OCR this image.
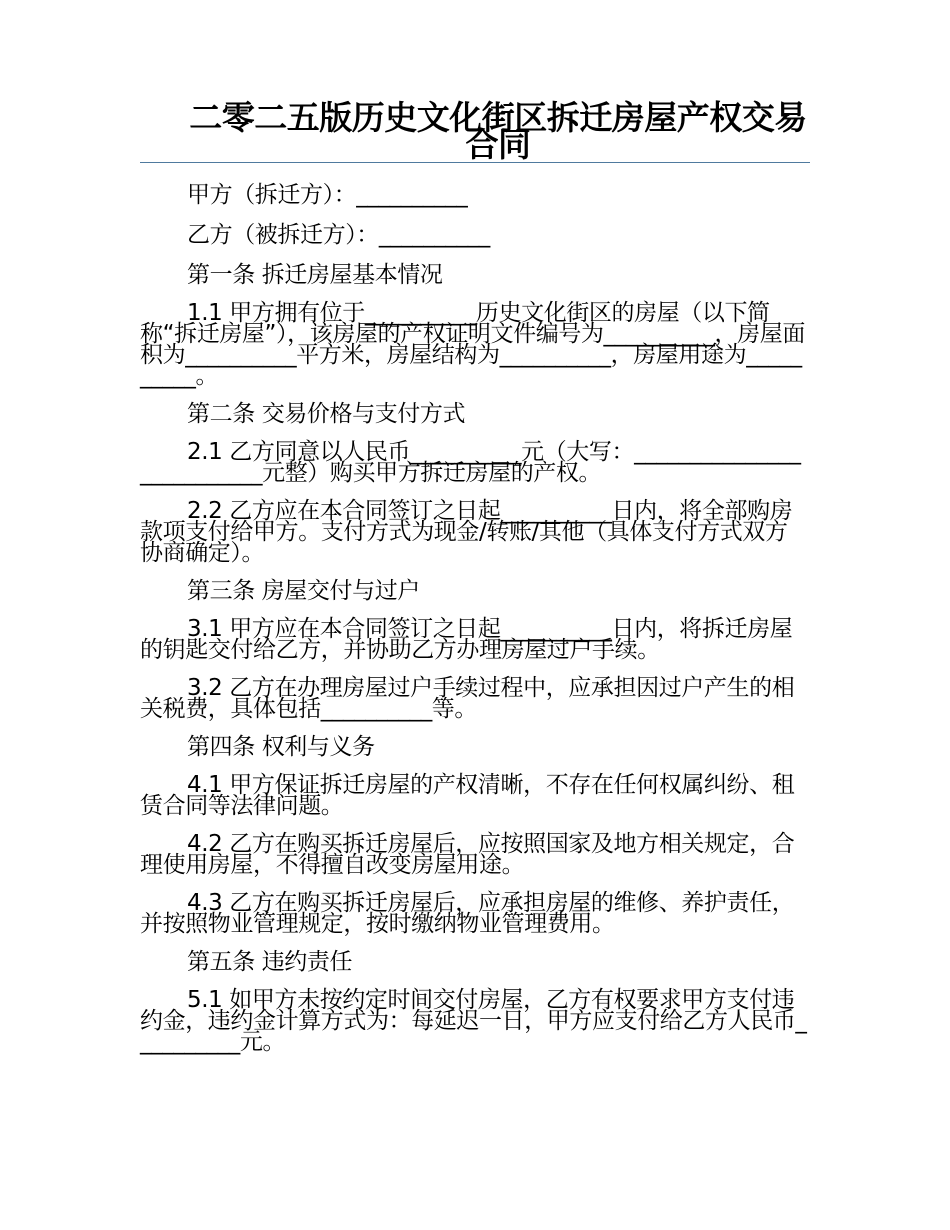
二零二五版历史文化街区拆迁房屋产权交易合同

甲方（拆迁方）：__________

乙方（被拆迁方）：__________

第一条 拆迁房屋基本情况

1.1 甲方拥有位于__________历史文化街区的房屋（以下简称“拆迁房屋”），该房屋的产权证明文件编号为__________，房屋面积为__________平方米，房屋结构为__________，房屋用途为__________。

第二条 交易价格与支付方式

2.1 乙方同意以人民币__________元（大写：__________________________元整）购买甲方拆迁房屋的产权。

2.2 乙方应在本合同签订之日起__________日内，将全部购房款项支付给甲方。支付方式为现金/转账/其他（具体支付方式双方协商确定）。

第三条 房屋交付与过户

3.1 甲方应在本合同签订之日起__________日内，将拆迁房屋的钥匙交付给乙方，并协助乙方办理房屋过户手续。

3.2 乙方在办理房屋过户手续过程中，应承担因过户产生的相关税费，具体包括__________等。

第四条 权利与义务

4.1 甲方保证拆迁房屋的产权清晰，不存在任何权属纠纷、租赁合同等法律问题。

4.2 乙方在购买拆迁房屋后，应按照国家及地方相关规定，合理使用房屋，不得擅自改变房屋用途。

4.3 乙方在购买拆迁房屋后，应承担房屋的维修、养护责任，并按照物业管理规定，按时缴纳物业管理费用。

第五条 违约责任

5.1 如甲方未按约定时间交付房屋，乙方有权要求甲方支付违约金，违约金计算方式为：每延迟一日，甲方应支付给乙方人民币__________元。
